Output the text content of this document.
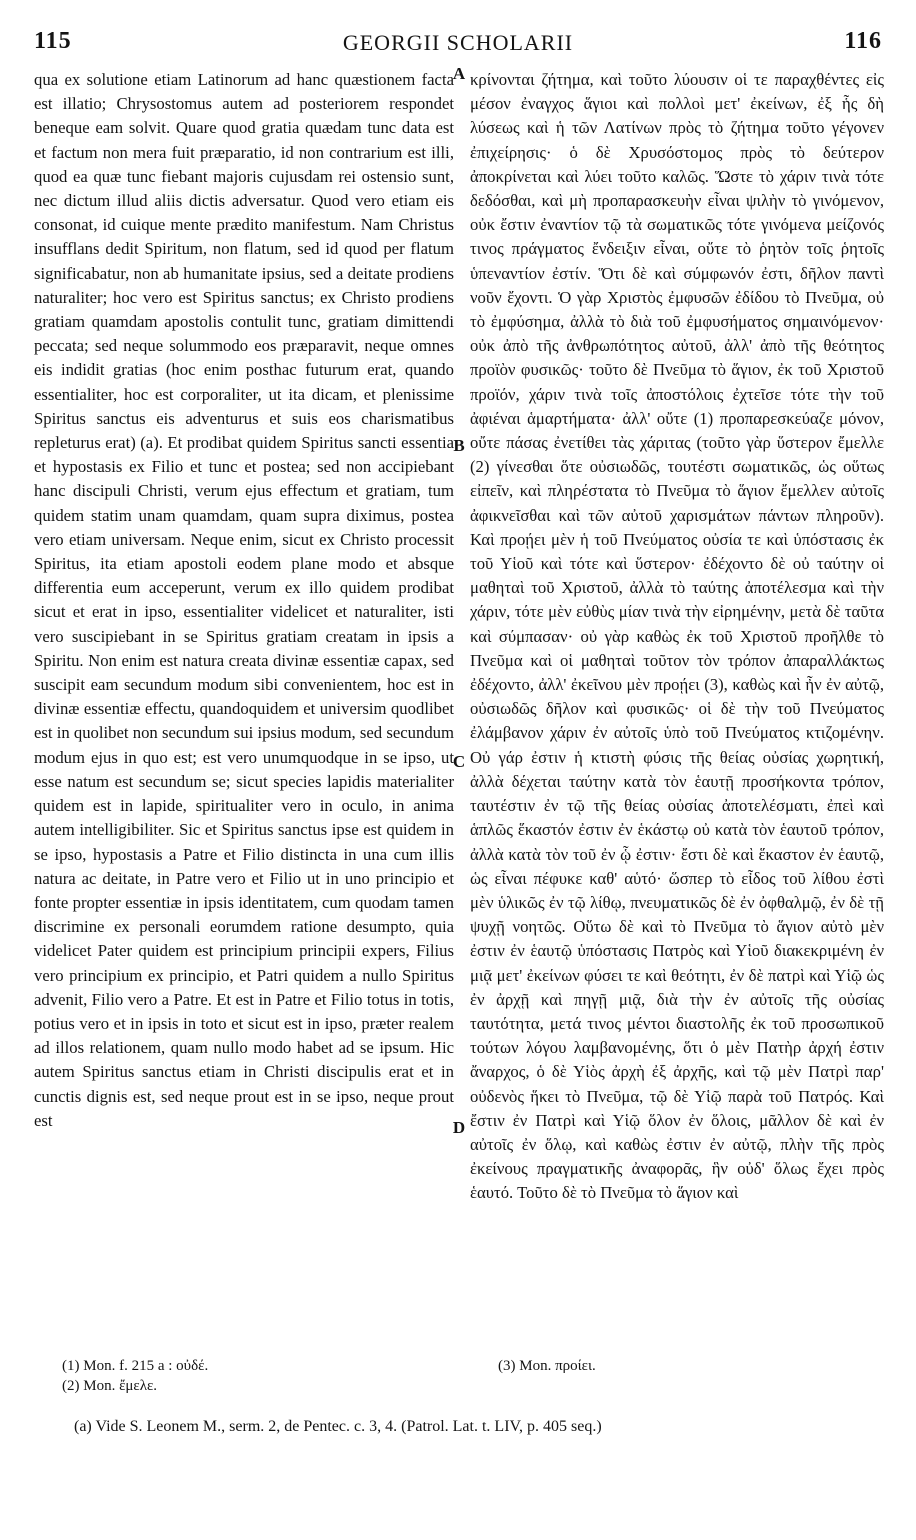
115	GEORGII SCHOLARII	116

qua ex solutione etiam Latinorum ad hanc quæstionem facta est illatio; Chrysostomus autem ad posteriorem respondet beneque eam solvit. Quare quod gratia quædam tunc data est et factum non mera fuit præparatio, id non contrarium est illi, quod ea quæ tunc fiebant majoris cujusdam rei ostensio sunt, nec dictum illud aliis dictis adversatur. Quod vero etiam eis consonat, id cuique mente prædito manifestum. Nam Christus insufflans dedit Spiritum, non flatum, sed id quod per flatum significabatur, non ab humanitate ipsius, sed a deitate prodiens naturaliter; hoc vero est Spiritus sanctus; ex Christo prodiens gratiam quamdam apostolis contulit tunc, gratiam dimittendi peccata; sed neque solummodo eos præparavit, neque omnes eis indidit gratias (hoc enim posthac futurum erat, quando essentialiter, hoc est corporaliter, ut ita dicam, et plenissime Spiritus sanctus eis adventurus et suis eos charismatibus repleturus erat) (a). Et prodibat quidem Spiritus sancti essentia et hypostasis ex Filio et tunc et postea; sed non accipiebant hanc discipuli Christi, verum ejus effectum et gratiam, tum quidem statim unam quamdam, quam supra diximus, postea vero etiam universam. Neque enim, sicut ex Christo processit Spiritus, ita etiam apostoli eodem plane modo et absque differentia eum acceperunt, verum ex illo quidem prodibat sicut et erat in ipso, essentialiter videlicet et naturaliter, isti vero suscipiebant in se Spiritus gratiam creatam in ipsis a Spiritu. Non enim est natura creata divinæ essentiæ capax, sed suscipit eam secundum modum sibi convenientem, hoc est in divinæ essentiæ effectu, quandoquidem et universim quodlibet est in quolibet non secundum sui ipsius modum, sed secundum modum ejus in quo est; est vero unumquodque in se ipso, ut esse natum est secundum se; sicut species lapidis materialiter quidem est in lapide, spiritualiter vero in oculo, in anima autem intelligibiliter. Sic et Spiritus sanctus ipse est quidem in se ipso, hypostasis a Patre et Filio distincta in una cum illis natura ac deitate, in Patre vero et Filio ut in uno principio et fonte propter essentiæ in ipsis identitatem, cum quodam tamen discrimine ex personali eorumdem ratione desumpto, quia videlicet Pater quidem est principium principii expers, Filius vero principium ex principio, et Patri quidem a nullo Spiritus advenit, Filio vero a Patre. Et est in Patre et Filio totus in totis, potius vero et in ipsis in toto et sicut est in ipso, præter realem ad illos relationem, quam nullo modo habet ad se ipsum. Hic autem Spiritus sanctus etiam in Christi discipulis erat et in cunctis dignis est, sed neque prout est in se ipso, neque prout est

A
B
C
D

κρίνονται ζήτημα, καὶ τοῦτο λύουσιν οἱ τε παραχθέντες εἰς μέσον ἐναγχος ἅγιοι καὶ πολλοὶ μετ' ἐκείνων, ἐξ ἧς δὴ λύσεως καὶ ἡ τῶν Λατίνων πρὸς τὸ ζήτημα τοῦτο γέγονεν ἐπιχείρησις· ὁ δὲ Χρυσόστομος πρὸς τὸ δεύτερον ἀποκρίνεται καὶ λύει τοῦτο καλῶς. Ὥστε τὸ χάριν τινὰ τότε δεδόσθαι, καὶ μὴ προπαρασκευὴν εἶναι ψιλὴν τὸ γινόμενον, οὐκ ἔστιν ἐναντίον τῷ τὰ σωματικῶς τότε γινόμενα μείζονός τινος πράγματος ἔνδειξιν εἶναι, οὔτε τὸ ῥητὸν τοῖς ῥητοῖς ὑπεναντίον ἐστίν. Ὅτι δὲ καὶ σύμφωνόν ἐστι, δῆλον παντὶ νοῦν ἔχοντι. Ὁ γὰρ Χριστὸς ἐμφυσῶν ἐδίδου τὸ Πνεῦμα, οὐ τὸ ἐμφύσημα, ἀλλὰ τὸ διὰ τοῦ ἐμφυσήματος σημαινόμενον· οὐκ ἀπὸ τῆς ἀνθρωπότητος αὐτοῦ, ἀλλ' ἀπὸ τῆς θεότητος προϊὸν φυσικῶς· τοῦτο δὲ Πνεῦμα τὸ ἅγιον, ἐκ τοῦ Χριστοῦ προϊόν, χάριν τινὰ τοῖς ἀποστόλοις ἐχτεῖσε τότε τὴν τοῦ ἀφιέναι ἁμαρτήματα· ἀλλ' οὔτε (1) προπαρεσκεύαζε μόνον, οὔτε πάσας ἐνετίθει τὰς χάριτας (τοῦτο γὰρ ὕστερον ἔμελλε (2) γίνεσθαι ὅτε οὐσιωδῶς, τουτέστι σωματικῶς, ὡς οὕτως εἰπεῖν, καὶ πληρέστατα τὸ Πνεῦμα τὸ ἅγιον ἔμελλεν αὐτοῖς ἀφικνεῖσθαι καὶ τῶν αὐτοῦ χαρισμάτων πάντων πληροῦν). Καὶ προῄει μὲν ἡ τοῦ Πνεύματος οὐσία τε καὶ ὑπόστασις ἐκ τοῦ Υἱοῦ καὶ τότε καὶ ὕστερον· ἐδέχοντο δὲ οὐ ταύτην οἱ μαθηταὶ τοῦ Χριστοῦ, ἀλλὰ τὸ ταύτης ἀποτέλεσμα καὶ τὴν χάριν, τότε μὲν εὐθὺς μίαν τινὰ τὴν εἰρημένην, μετὰ δὲ ταῦτα καὶ σύμπασαν· οὐ γὰρ καθὼς ἐκ τοῦ Χριστοῦ προῆλθε τὸ Πνεῦμα καὶ οἱ μαθηταὶ τοῦτον τὸν τρόπον ἀπαραλλάκτως ἐδέχοντο, ἀλλ' ἐκεῖνου μὲν προῄει (3), καθὼς καὶ ἦν ἐν αὐτῷ, οὐσιωδῶς δῆλον καὶ φυσικῶς· οἱ δὲ τὴν τοῦ Πνεύματος ἐλάμβανον χάριν ἐν αὐτοῖς ὑπὸ τοῦ Πνεύματος κτιζομένην. Οὐ γάρ ἐστιν ἡ κτιστὴ φύσις τῆς θείας οὐσίας χωρητική, ἀλλὰ δέχεται ταύτην κατὰ τὸν ἑαυτῇ προσήκοντα τρόπον, ταυτέστιν ἐν τῷ τῆς θείας οὐσίας ἀποτελέσματι, ἐπεὶ καὶ ἁπλῶς ἕκαστόν ἐστιν ἐν ἑκάστῳ οὐ κατὰ τὸν ἑαυτοῦ τρόπον, ἀλλὰ κατὰ τὸν τοῦ ἐν ᾧ ἐστιν· ἔστι δὲ καὶ ἕκαστον ἐν ἑαυτῷ, ὡς εἶναι πέφυκε καθ' αὑτό· ὥσπερ τὸ εἶδος τοῦ λίθου ἐστὶ μὲν ὑλικῶς ἐν τῷ λίθῳ, πνευματικῶς δὲ ἐν ὀφθαλμῷ, ἐν δὲ τῇ ψυχῇ νοητῶς. Οὕτω δὲ καὶ τὸ Πνεῦμα τὸ ἅγιον αὐτὸ μὲν ἐστιν ἐν ἑαυτῷ ὑπόστασις Πατρὸς καὶ Υἱοῦ διακεκριμένη ἐν μιᾷ μετ' ἐκείνων φύσει τε καὶ θεότητι, ἐν δὲ πατρὶ καὶ Υἱῷ ὡς ἐν ἀρχῇ καὶ πηγῇ μιᾷ, διὰ τὴν ἐν αὐτοῖς τῆς οὐσίας ταυτότητα, μετά τινος μέντοι διαστολῆς ἐκ τοῦ προσωπικοῦ τούτων λόγου λαμβανομένης, ὅτι ὁ μὲν Πατὴρ ἀρχή ἐστιν ἄναρχος, ὁ δὲ Υἱὸς ἀρχὴ ἐξ ἀρχῆς, καὶ τῷ μὲν Πατρὶ παρ' οὐδενὸς ἥκει τὸ Πνεῦμα, τῷ δὲ Υἱῷ παρὰ τοῦ Πατρός. Καὶ ἔστιν ἐν Πατρὶ καὶ Υἱῷ ὅλον ἐν ὅλοις, μᾶλλον δὲ καὶ ἐν αὐτοῖς ἐν ὅλῳ, καὶ καθὼς ἐστιν ἐν αὐτῷ, πλὴν τῆς πρὸς ἐκείνους πραγματικῆς ἀναφορᾶς, ἣν οὐδ' ὅλως ἔχει πρὸς ἑαυτό. Τοῦτο δὲ τὸ Πνεῦμα τὸ ἅγιον καὶ

(1) Mon. f. 215 a : οὐδέ.
(2) Mon. ἔμελε.
(3) Mon. προίει.
(a) Vide S. Leonem M., serm. 2, de Pentec. c. 3, 4. (Patrol. Lat. t. LIV, p. 405 seq.)
